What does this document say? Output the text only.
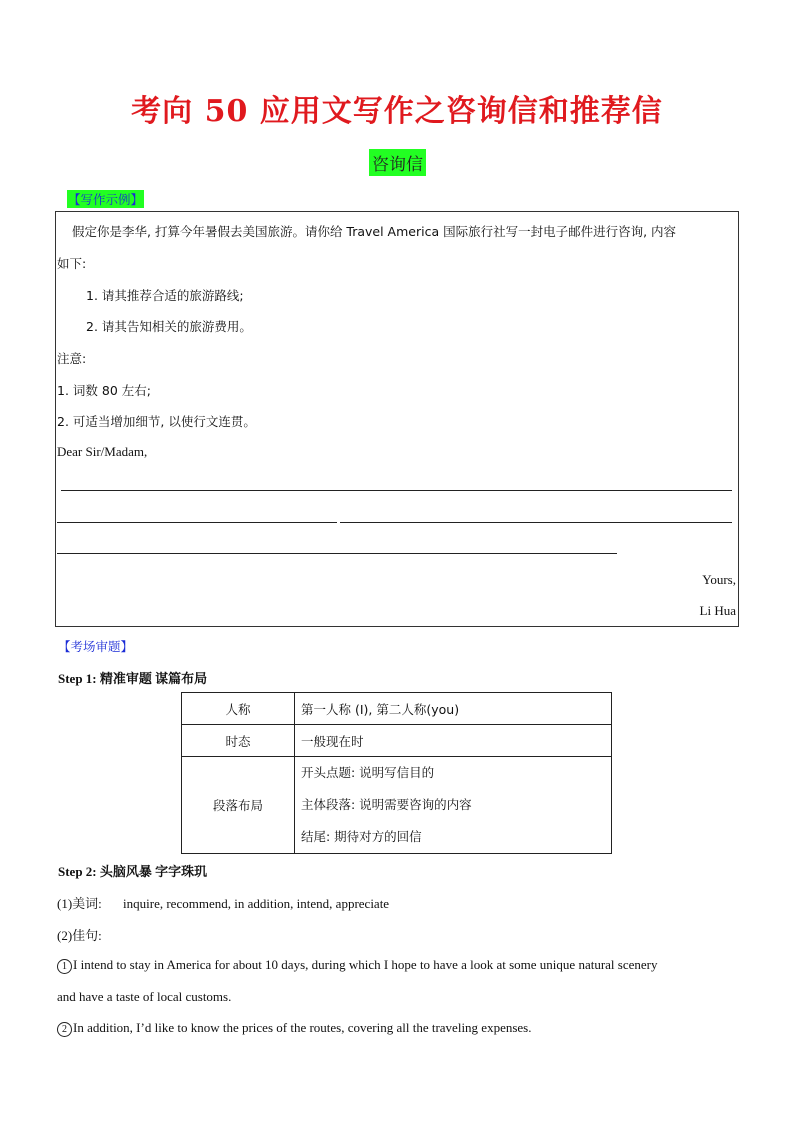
考向 50 应用文写作之咨询信和推荐信
咨询信
【写作示例】
假定你是李华, 打算今年暑假去美国旅游。请你给 Travel America 国际旅行社写一封电子邮件进行咨询, 内容
如下:
1. 请其推荐合适的旅游路线;
2. 请其告知相关的旅游费用。
注意:
1. 词数 80 左右;
2. 可适当增加细节, 以使行文连贯。
Dear Sir/Madam,
Yours,
Li Hua
【考场审题】
Step 1: 精准审题 谋篇布局
人称	第一人称 (I), 第二人称(you)
时态	一般现在时
段落布局	开头点题: 说明写信目的
主体段落: 说明需要咨询的内容
结尾: 期待对方的回信
Step 2: 头脑风暴 字字珠玑
(1)美词: inquire, recommend, in addition, intend, appreciate
(2)佳句:
1 I intend to stay in America for about 10 days, during which I hope to have a look at some unique natural scenery
and have a taste of local customs.
2 In addition, I’d like to know the prices of the routes, covering all the traveling expenses.
